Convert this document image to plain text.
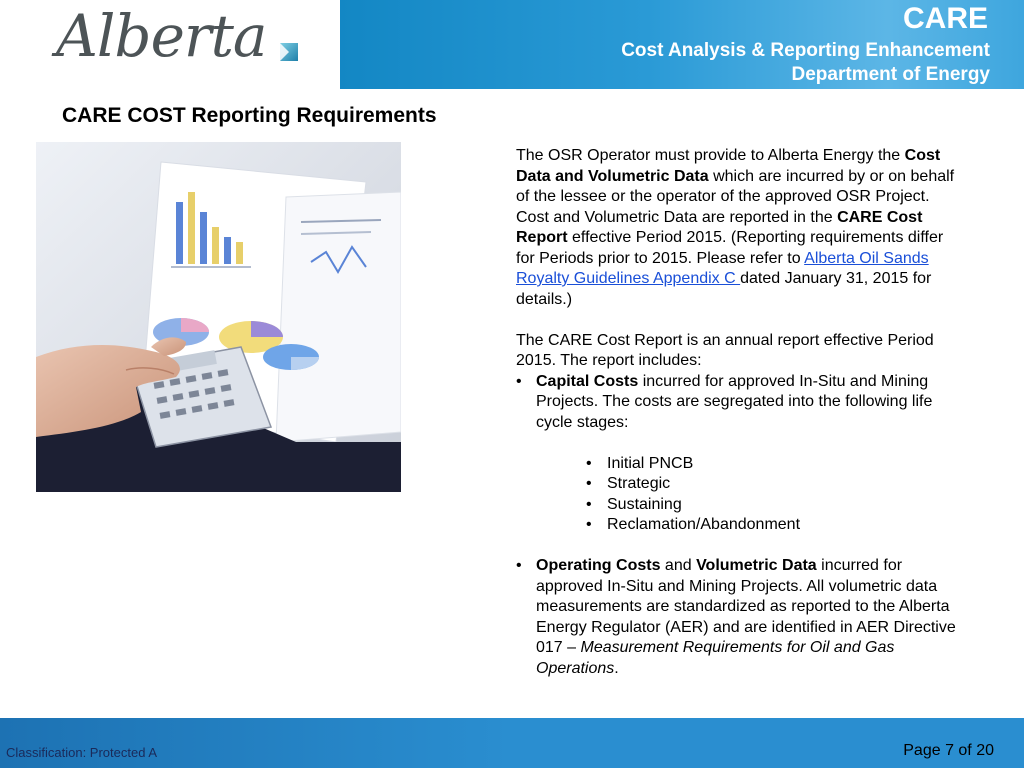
Alberta	CARE
Cost Analysis & Reporting Enhancement
Department of Energy
CARE COST Reporting Requirements

The OSR Operator must provide to Alberta Energy the Cost Data and Volumetric Data which are incurred by or on behalf of the lessee or the operator of the approved OSR Project. Cost and Volumetric Data are reported in the CARE Cost Report effective Period 2015. (Reporting requirements differ for Periods prior to 2015. Please refer to Alberta Oil Sands Royalty Guidelines Appendix C dated January 31, 2015 for details.)

The CARE Cost Report is an annual report effective Period 2015. The report includes:

• Capital Costs incurred for approved In-Situ and Mining Projects. The costs are segregated into the following life cycle stages:
• Initial PNCB
• Strategic
• Sustaining
• Reclamation/Abandonment
• Operating Costs and Volumetric Data incurred for approved In-Situ and Mining Projects. All volumetric data measurements are standardized as reported to the Alberta Energy Regulator (AER) and are identified in AER Directive 017 – Measurement Requirements for Oil and Gas Operations.
Classification: Protected A	Page 7 of 20
